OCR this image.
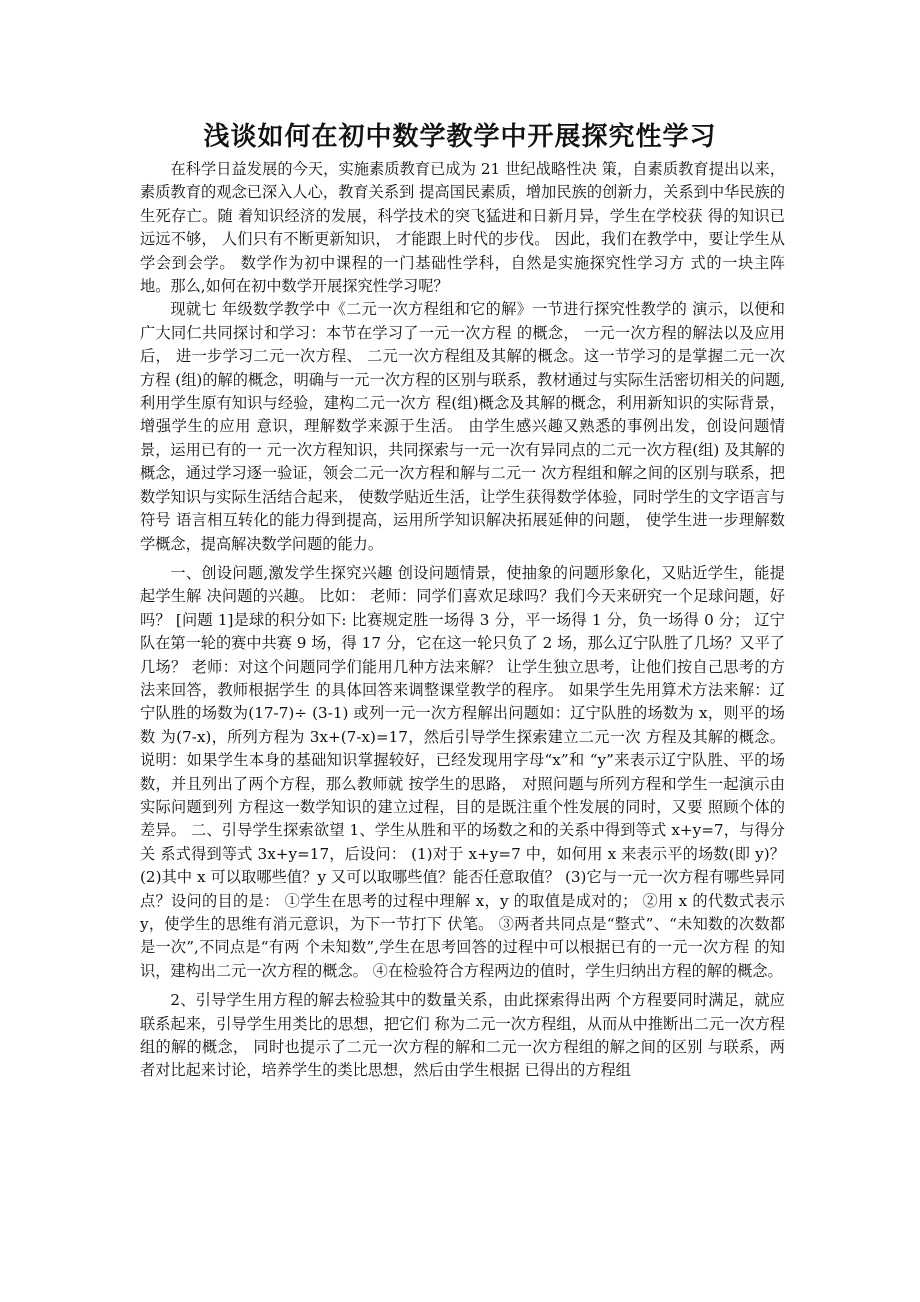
浅谈如何在初中数学教学中开展探究性学习

在科学日益发展的今天，实施素质教育已成为 21 世纪战略性决 策，自素质教育提出以来，素质教育的观念已深入人心，教育关系到 提高国民素质，增加民族的创新力，关系到中华民族的生死存亡。随 着知识经济的发展，科学技术的突飞猛进和日新月异，学生在学校获 得的知识已远远不够， 人们只有不断更新知识， 才能跟上时代的步伐。 因此，我们在教学中，要让学生从学会到会学。 数学作为初中课程的一门基础性学科，自然是实施探究性学习方 式的一块主阵地。那么,如何在初中数学开展探究性学习呢？

现就七 年级数学教学中《二元一次方程组和它的解》一节进行探究性教学的 演示，以便和广大同仁共同探讨和学习：本节在学习了一元一次方程 的概念， 一元一次方程的解法以及应用后， 进一步学习二元一次方程、 二元一次方程组及其解的概念。这一节学习的是掌握二元一次方程 (组)的解的概念，明确与一元一次方程的区别与联系，教材通过与实际生活密切相关的问题,利用学生原有知识与经验，建构二元一次方 程(组)概念及其解的概念，利用新知识的实际背景，增强学生的应用 意识，理解数学来源于生活。 由学生感兴趣又熟悉的事例出发，创设问题情景，运用已有的一 元一次方程知识，共同探索与一元一次有异同点的二元一次方程(组) 及其解的概念，通过学习逐一验证，领会二元一次方程和解与二元一 次方程组和解之间的区别与联系，把数学知识与实际生活结合起来， 使数学贴近生活，让学生获得数学体验，同时学生的文字语言与符号 语言相互转化的能力得到提高，运用所学知识解决拓展延伸的问题， 使学生进一步理解数学概念，提高解决数学问题的能力。

一、创设问题,激发学生探究兴趣 创设问题情景，使抽象的问题形象化，又贴近学生，能提起学生解 决问题的兴趣。 比如： 老师：同学们喜欢足球吗？我们今天来研究一个足球问题，好吗？ [问题 1]是球的积分如下: 比赛规定胜一场得 3 分，平一场得 1 分，负一场得 0 分； 辽宁队在第一轮的赛中共赛 9 场，得 17 分，它在这一轮只负了 2 场，那么辽宁队胜了几场？又平了几场？ 老师：对这个问题同学们能用几种方法来解？ 让学生独立思考，让他们按自己思考的方法来回答，教师根据学生 的具体回答来调整课堂教学的程序。 如果学生先用算术方法来解：辽宁队胜的场数为(17-7)÷ (3-1) 或列一元一次方程解出问题如：辽宁队胜的场数为 x，则平的场数 为(7-x)，所列方程为 3x+(7-x)=17，然后引导学生探索建立二元一次 方程及其解的概念。 说明：如果学生本身的基础知识掌握较好，已经发现用字母“x”和 “y”来表示辽宁队胜、平的场数，并且列出了两个方程，那么教师就 按学生的思路， 对照问题与所列方程和学生一起演示由实际问题到列 方程这一数学知识的建立过程，目的是既注重个性发展的同时，又要 照顾个体的差异。 二、引导学生探索欲望 1、学生从胜和平的场数之和的关系中得到等式 x+y=7，与得分关 系式得到等式 3x+y=17，后设问： (1)对于 x+y=7 中，如何用 x 来表示平的场数(即 y)？ (2)其中 x 可以取哪些值？y 又可以取哪些值？能否任意取值？ (3)它与一元一次方程有哪些异同点？设问的目的是： ①学生在思考的过程中理解 x，y 的取值是成对的； ②用 x 的代数式表示 y，使学生的思维有消元意识，为下一节打下 伏笔。 ③两者共同点是“整式”、“未知数的次数都是一次”,不同点是“有两 个未知数”,学生在思考回答的过程中可以根据已有的一元一次方程 的知识，建构出二元一次方程的概念。 ④在检验符合方程两边的值时，学生归纳出方程的解的概念。

2、引导学生用方程的解去检验其中的数量关系，由此探索得出两 个方程要同时满足，就应联系起来，引导学生用类比的思想，把它们 称为二元一次方程组，从而从中推断出二元一次方程组的解的概念， 同时也提示了二元一次方程的解和二元一次方程组的解之间的区别 与联系，两者对比起来讨论，培养学生的类比思想，然后由学生根据 已得出的方程组
